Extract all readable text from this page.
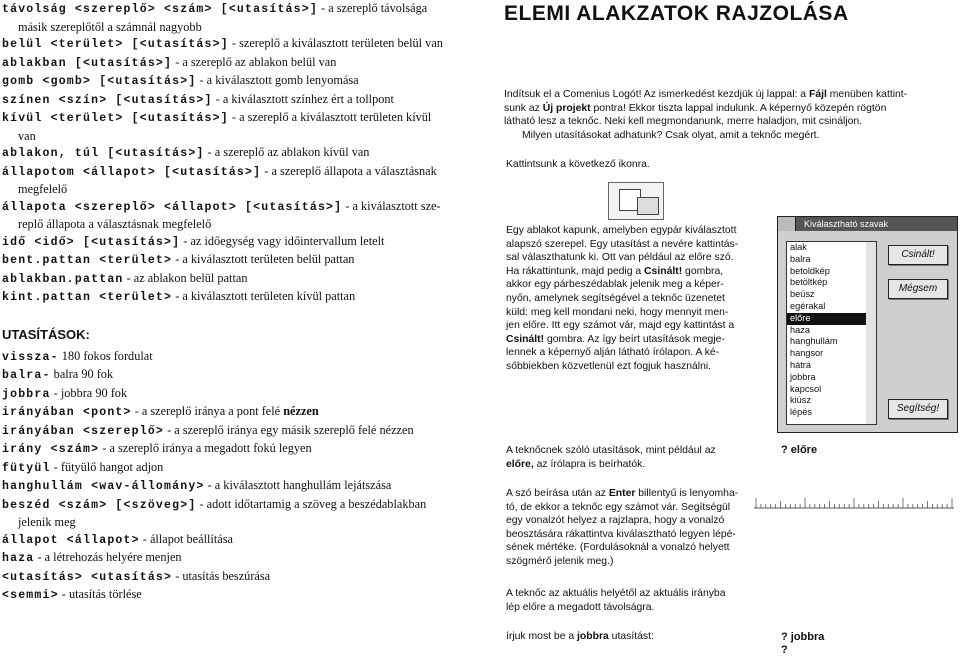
távolság <szereplő> <szám> [<utasítás>] - a szereplő távolsága
másik szereplőtől a számnál nagyobb
belül <terület> [<utasítás>] - szereplő a kiválasztott területen belül van
ablakban [<utasítás>] - a szereplő az ablakon belül van
gomb <gomb> [<utasítás>] - a kiválasztott gomb lenyomása
színen <szín> [<utasítás>] - a kiválasztott színhez ért a tollpont
kívül <terület> [<utasítás>] - a szereplő a kiválasztott területen kívül
van
ablakon, túl [<utasítás>] - a szereplő az ablakon kívül van
állapotom <állapot> [<utasítás>] - a szereplő állapota a választásnak
megfelelő
állapota <szereplő> <állapot> [<utasítás>] - a kiválasztott sze-
replő állapota a választásnak megfelelő
idő <idő> [<utasítás>] - az időegység vagy időintervallum letelt
bent.pattan <terület> - a kiválasztott területen belül pattan
ablakban.pattan - az ablakon belül pattan
kint.pattan <terület> - a kiválasztott területen kívül pattan
UTASÍTÁSOK:
vissza- 180 fokos fordulat
balra- balra 90 fok
jobbra - jobbra 90 fok
irányában <pont> - a szereplő iránya a pont felé nézzen
irányában <szereplő> - a szereplő iránya egy másik szereplő felé nézzen
irány <szám> - a szereplő iránya a megadott fokú legyen
fütyül - fütyülő hangot adjon
hanghullám <wav-állomány> - a kiválasztott hanghullám lejátszása
beszéd <szám> [<szöveg>] - adott időtartamig a szöveg a beszédablakban
jelenik meg
állapot <állapot> - állapot beállítása
haza - a létrehozás helyére menjen
<utasítás> <utasítás> - utasítás beszúrása
<semmi> - utasítás törlése
ELEMI ALAKZATOK RAJZOLÁSA
Indítsuk el a Comenius Logót! Az ismerkedést kezdjük új lappal: a Fájl menüben kattint-
sunk az Új projekt pontra! Ekkor tiszta lappal indulunk. A képernyő közepén rögtön
látható lesz a teknőc. Neki kell megmondanunk, merre haladjon, mit csináljon.
Milyen utasításokat adhatunk? Csak olyat, amit a teknőc megért.
Kattintsunk a következő ikonra.
Egy ablakot kapunk, amelyben egypár kiválasztott
alapszó szerepel. Egy utasítást a nevére kattintás-
sal választhatunk ki. Ott van például az előre szó.
Ha rákattintunk, majd pedig a Csinált! gombra,
akkor egy párbeszédablak jelenik meg a képer-
nyőn, amelynek segítségével a teknőc üzenetet
küld: meg kell mondani neki, hogy mennyit men-
jen előre. Itt egy számot vár, majd egy kattintást a
Csinált! gombra. Az így beírt utasítások megje-
lennek a képernyő alján látható írólapon. A ké-
sőbbiekben közvetlenül ezt fogjuk használni.
Kiválasztható szavak
alak
balra
betoldkép
betöltkép
beúsz
egérakal
előre
haza
hanghullám
hangsor
hátra
jobbra
kapcsol
kiúsz
lépés
Csinált!
Mégsem
Segítség!
A teknőcnek szóló utasítások, mint például az
előre, az írólapra is beírhatók.
? előre
A szó beírása után az Enter billentyű is lenyomha-
tó, de ekkor a teknőc egy számot vár. Segítségül
egy vonalzót helyez a rajzlapra, hogy a vonalzó
beosztására rákattintva kiválasztható legyen lépé-
sének mértéke. (Fordulásoknál a vonalzó helyett
szögmérő jelenik meg.)
A teknőc az aktuális helyétől az aktuális irányba
lép előre a megadott távolságra.
írjuk most be a jobbra utasítást:	? jobbra
?
